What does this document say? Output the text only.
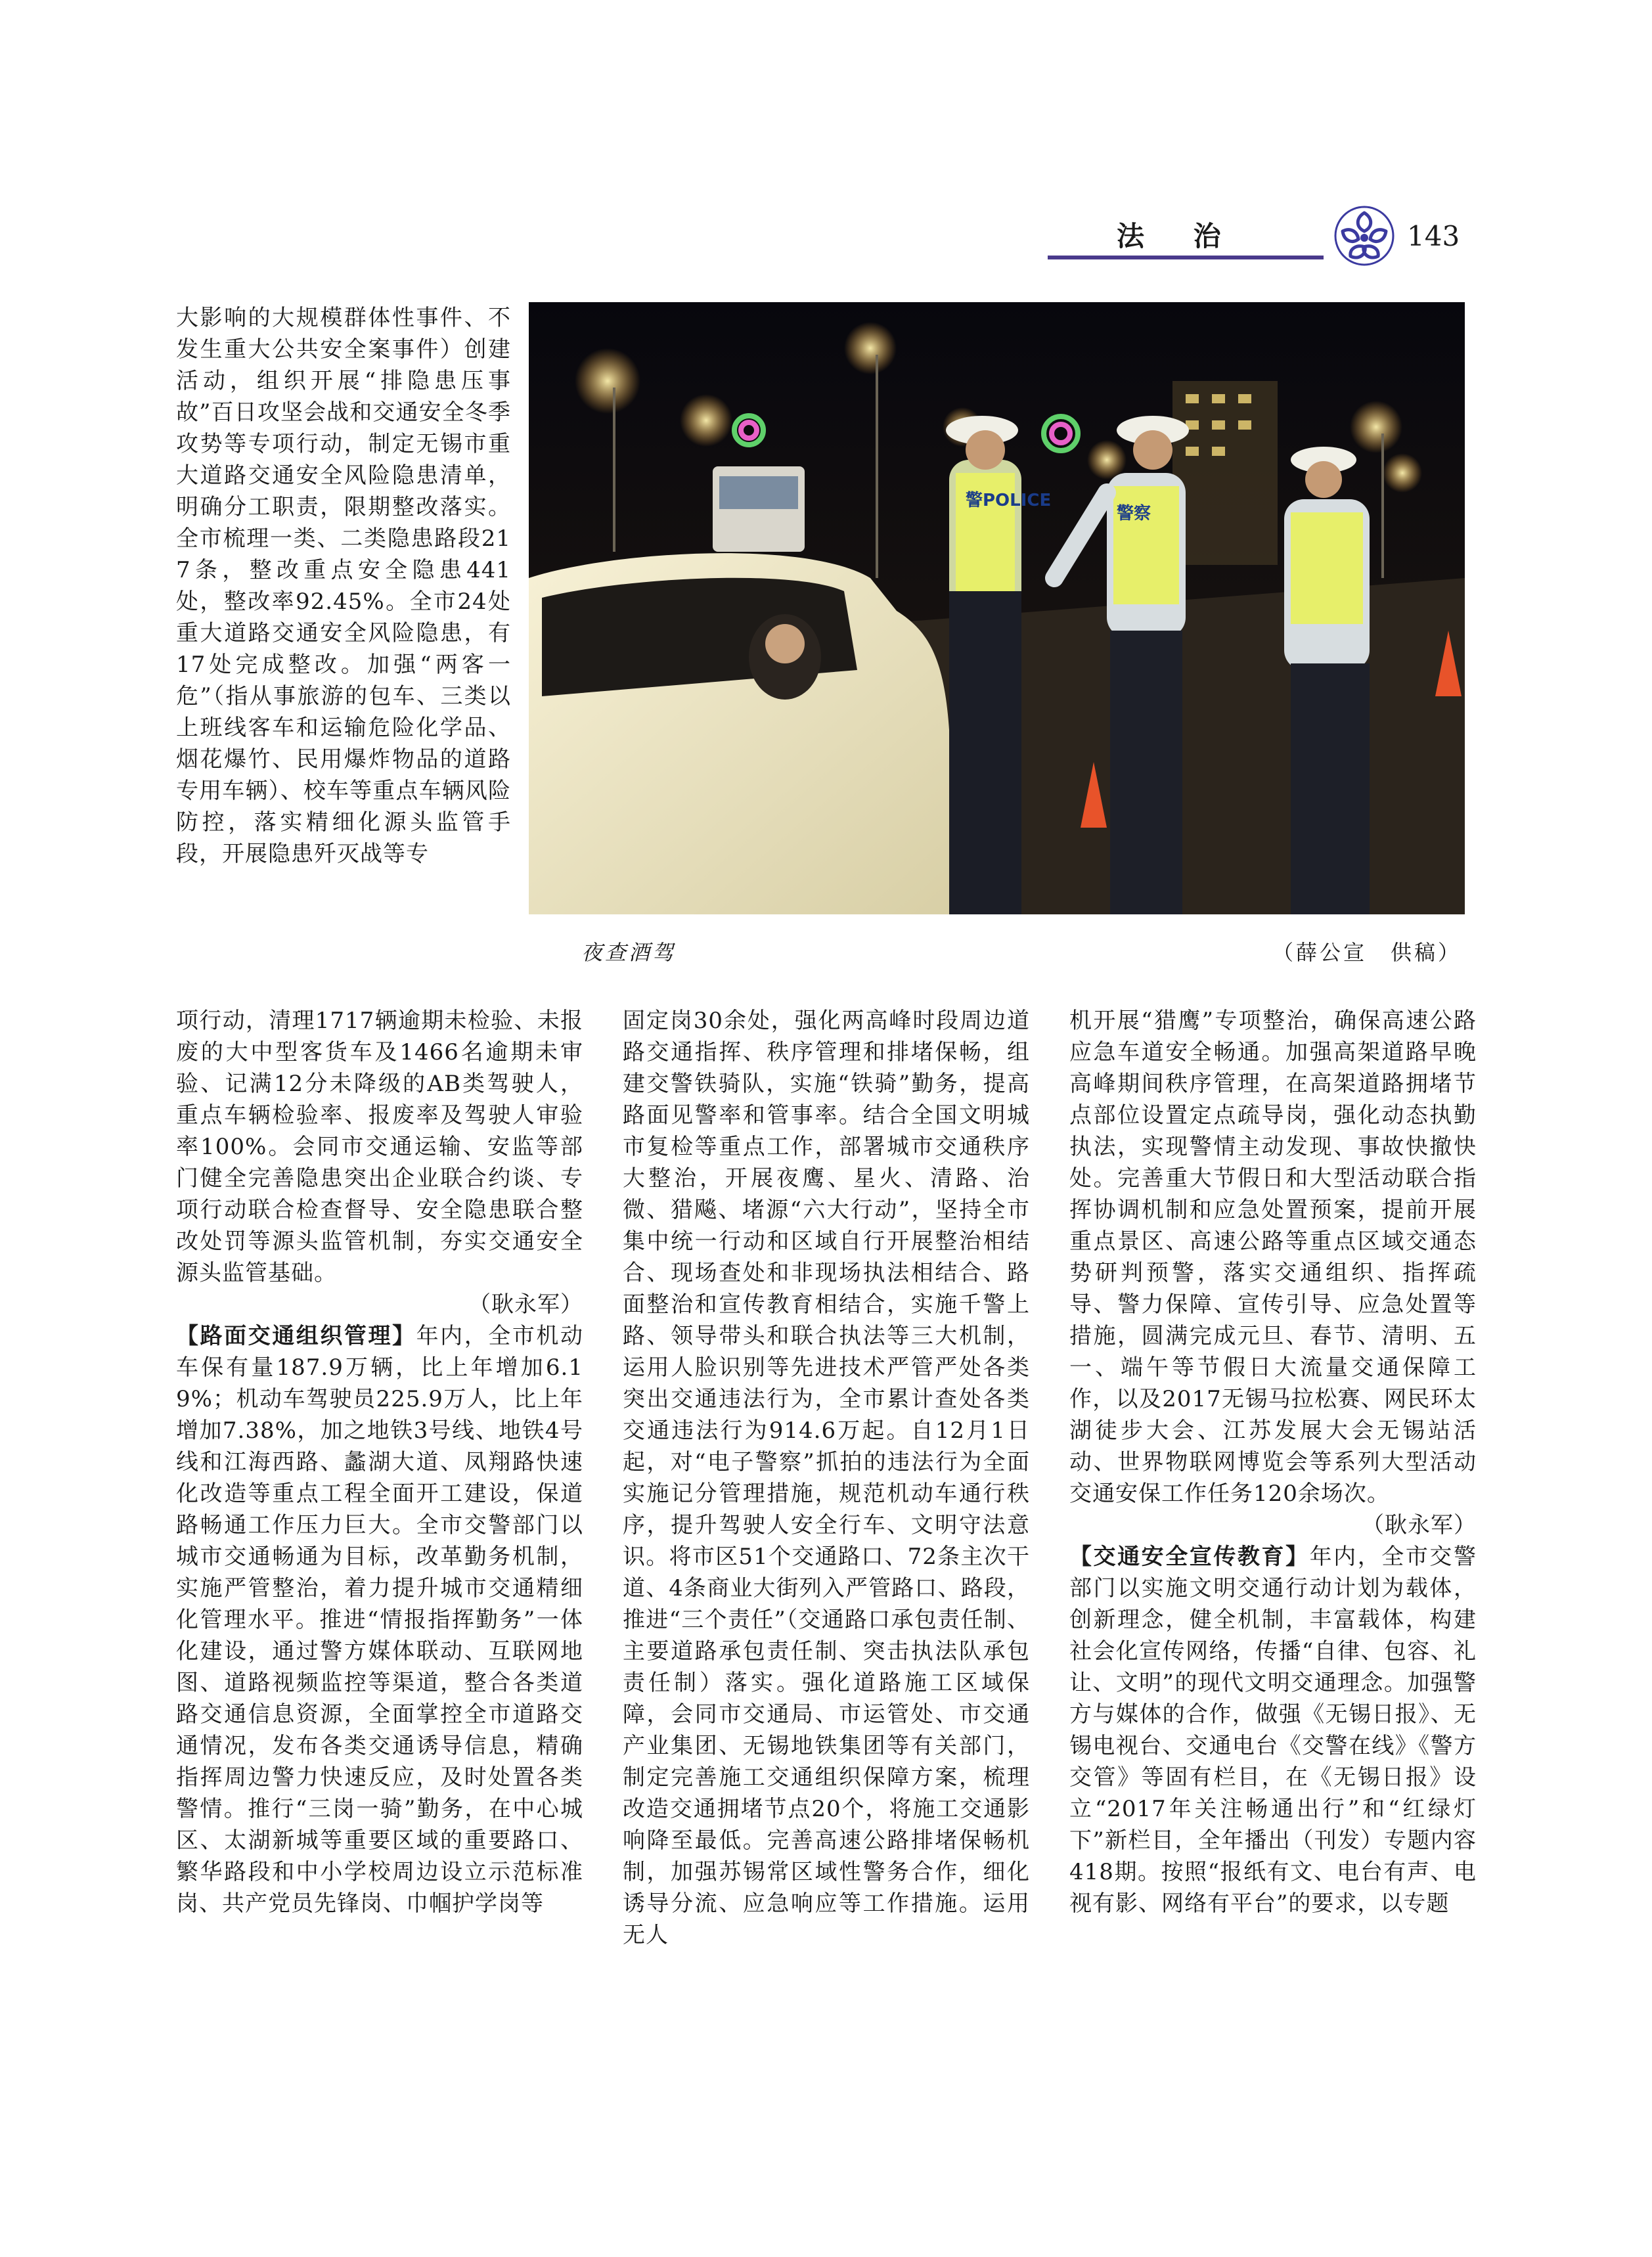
法 治	143

大影响的大规模群体性事件、不发生重大公共安全案事件）创建活动，组织开展“排隐患压事故”百日攻坚会战和交通安全冬季攻势等专项行动，制定无锡市重大道路交通安全风险隐患清单，明确分工职责，限期整改落实。全市梳理一类、二类隐患路段217条，整改重点安全隐患441处，整改率92.45%。全市24处重大道路交通安全风险隐患，有17处完成整改。加强“两客一危”（指从事旅游的包车、三类以上班线客车和运输危险化学品、烟花爆竹、民用爆炸物品的道路专用车辆）、校车等重点车辆风险防控，落实精细化源头监管手段，开展隐患歼灭战等专

警POLICE
警察
夜查酒驾	（薛公宣　供稿）

项行动，清理1717辆逾期未检验、未报废的大中型客货车及1466名逾期未审验、记满12分未降级的AB类驾驶人，重点车辆检验率、报废率及驾驶人审验率100%。会同市交通运输、安监等部门健全完善隐患突出企业联合约谈、专项行动联合检查督导、安全隐患联合整改处罚等源头监管机制，夯实交通安全源头监管基础。

（耿永军）

【路面交通组织管理】年内，全市机动车保有量187.9万辆，比上年增加6.19%；机动车驾驶员225.9万人，比上年增加7.38%，加之地铁3号线、地铁4号线和江海西路、蠡湖大道、凤翔路快速化改造等重点工程全面开工建设，保道路畅通工作压力巨大。全市交警部门以城市交通畅通为目标，改革勤务机制，实施严管整治，着力提升城市交通精细化管理水平。推进“情报指挥勤务”一体化建设，通过警方媒体联动、互联网地图、道路视频监控等渠道，整合各类道路交通信息资源，全面掌控全市道路交通情况，发布各类交通诱导信息，精确指挥周边警力快速反应，及时处置各类警情。推行“三岗一骑”勤务，在中心城区、太湖新城等重要区域的重要路口、繁华路段和中小学校周边设立示范标准岗、共产党员先锋岗、巾帼护学岗等

固定岗30余处，强化两高峰时段周边道路交通指挥、秩序管理和排堵保畅，组建交警铁骑队，实施“铁骑”勤务，提高路面见警率和管事率。结合全国文明城市复检等重点工作，部署城市交通秩序大整治，开展夜鹰、星火、清路、治微、猎飚、堵源“六大行动”，坚持全市集中统一行动和区域自行开展整治相结合、现场查处和非现场执法相结合、路面整治和宣传教育相结合，实施千警上路、领导带头和联合执法等三大机制，运用人脸识别等先进技术严管严处各类突出交通违法行为，全市累计查处各类交通违法行为914.6万起。自12月1日起，对“电子警察”抓拍的违法行为全面实施记分管理措施，规范机动车通行秩序，提升驾驶人安全行车、文明守法意识。将市区51个交通路口、72条主次干道、4条商业大街列入严管路口、路段，推进“三个责任”（交通路口承包责任制、主要道路承包责任制、突击执法队承包责任制）落实。强化道路施工区域保障，会同市交通局、市运管处、市交通产业集团、无锡地铁集团等有关部门，制定完善施工交通组织保障方案，梳理改造交通拥堵节点20个，将施工交通影响降至最低。完善高速公路排堵保畅机制，加强苏锡常区域性警务合作，细化诱导分流、应急响应等工作措施。运用无人

机开展“猎鹰”专项整治，确保高速公路应急车道安全畅通。加强高架道路早晚高峰期间秩序管理，在高架道路拥堵节点部位设置定点疏导岗，强化动态执勤执法，实现警情主动发现、事故快撤快处。完善重大节假日和大型活动联合指挥协调机制和应急处置预案，提前开展重点景区、高速公路等重点区域交通态势研判预警，落实交通组织、指挥疏导、警力保障、宣传引导、应急处置等措施，圆满完成元旦、春节、清明、五一、端午等节假日大流量交通保障工作，以及2017无锡马拉松赛、网民环太湖徒步大会、江苏发展大会无锡站活动、世界物联网博览会等系列大型活动交通安保工作任务120余场次。

（耿永军）

【交通安全宣传教育】年内，全市交警部门以实施文明交通行动计划为载体，创新理念，健全机制，丰富载体，构建社会化宣传网络，传播“自律、包容、礼让、文明”的现代文明交通理念。加强警方与媒体的合作，做强《无锡日报》、无锡电视台、交通电台《交警在线》《警方交管》等固有栏目，在《无锡日报》设立“2017年关注畅通出行”和“红绿灯下”新栏目，全年播出（刊发）专题内容418期。按照“报纸有文、电台有声、电视有影、网络有平台”的要求，以专题
